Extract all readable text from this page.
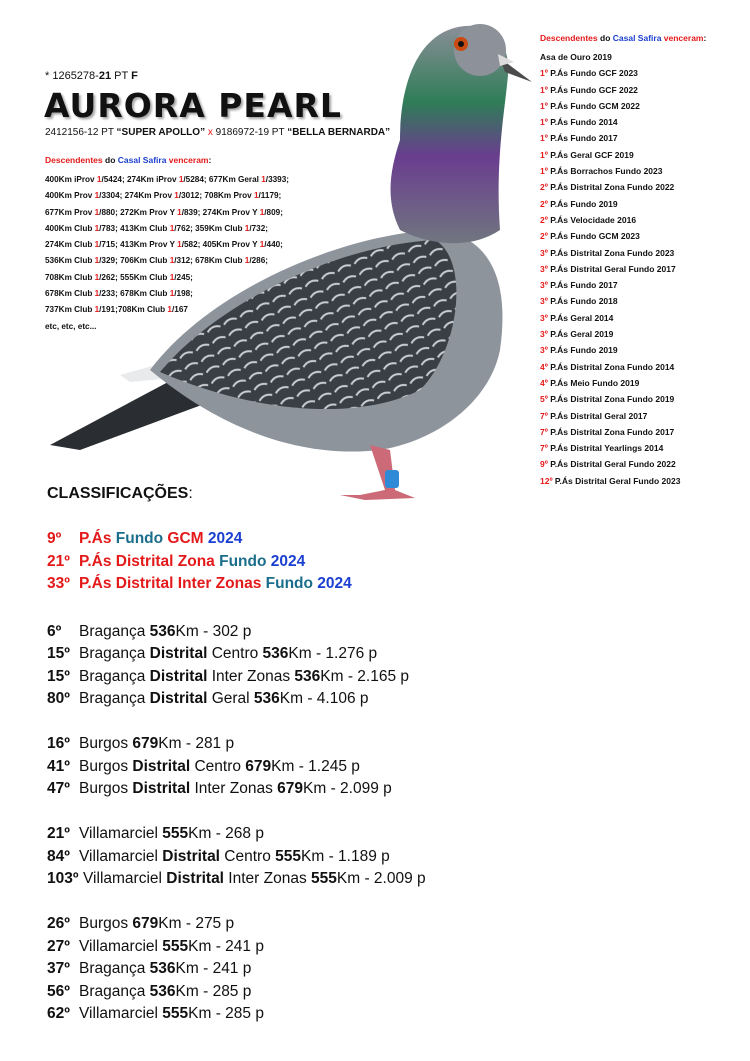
* 1265278-21 PT F
AURORA PEARL
2412156-12 PT “SUPER APOLLO” x 9186972-19 PT “BELLA BERNARDA”
Descendentes do Casal Safira venceram:
400Km iProv 1/5424; 274Km iProv 1/5284; 677Km Geral 1/3393;
400Km Prov 1/3304; 274Km Prov 1/3012; 708Km Prov 1/1179;
677Km Prov 1/880; 272Km Prov Y 1/839; 274Km Prov Y 1/809;
400Km Club 1/783; 413Km Club 1/762; 359Km Club 1/732;
274Km Club 1/715; 413Km Prov Y 1/582; 405Km Prov Y 1/440;
536Km Club 1/329; 706Km Club 1/312; 678Km Club 1/286;
708Km Club 1/262; 555Km Club 1/245;
678Km Club 1/233; 678Km Club 1/198;
737Km Club 1/191;708Km Club 1/167
etc, etc, etc...
Descendentes do Casal Safira venceram:
Asa de Ouro 2019
1º P.Ás Fundo GCF 2023
1º P.Ás Fundo GCF 2022
1º P.Ás Fundo GCM 2022
1º P.Ás Fundo 2014
1º P.Ás Fundo 2017
1º P.Ás Geral GCF 2019
1º P.Ás Borrachos Fundo 2023
2º P.Ás Distrital Zona Fundo 2022
2º P.Ás Fundo 2019
2º P.Ás Velocidade 2016
2º P.Ás Fundo GCM 2023
3º P.Ás Distrital Zona Fundo 2023
3º P.Ás Distrital Geral Fundo 2017
3º P.Ás Fundo 2017
3º P.Ás Fundo 2018
3º P.Ás Geral 2014
3º P.Ás Geral 2019
3º P.Ás Fundo 2019
4º P.Ás Distrital Zona Fundo 2014
4º P.Ás Meio Fundo 2019
5º P.Ás Distrital Zona Fundo 2019
7º P.Ás Distrital Geral 2017
7º P.Ás Distrital Zona Fundo 2017
7º P.Ás Distrital Yearlings 2014
9º P.Ás Distrital Geral Fundo 2022
12º P.Ás Distrital Geral Fundo 2023
CLASSIFICAÇÕES:
9º P.Ás Fundo GCM 2024
21º P.Ás Distrital Zona Fundo 2024
33º P.Ás Distrital Inter Zonas Fundo 2024
6º Bragança 536Km - 302 p
15º Bragança Distrital Centro 536Km - 1.276 p
15º Bragança Distrital Inter Zonas 536Km - 2.165 p
80º Bragança Distrital Geral 536Km - 4.106 p
16º Burgos 679Km - 281 p
41º Burgos Distrital Centro 679Km - 1.245 p
47º Burgos Distrital Inter Zonas 679Km - 2.099 p
21º Villamarciel 555Km - 268 p
84º Villamarciel Distrital Centro 555Km - 1.189 p
103º Villamarciel Distrital Inter Zonas 555Km - 2.009 p
26º Burgos 679Km - 275 p
27º Villamarciel 555Km - 241 p
37º Bragança 536Km - 241 p
56º Bragança 536Km - 285 p
62º Villamarciel 555Km - 285 p
